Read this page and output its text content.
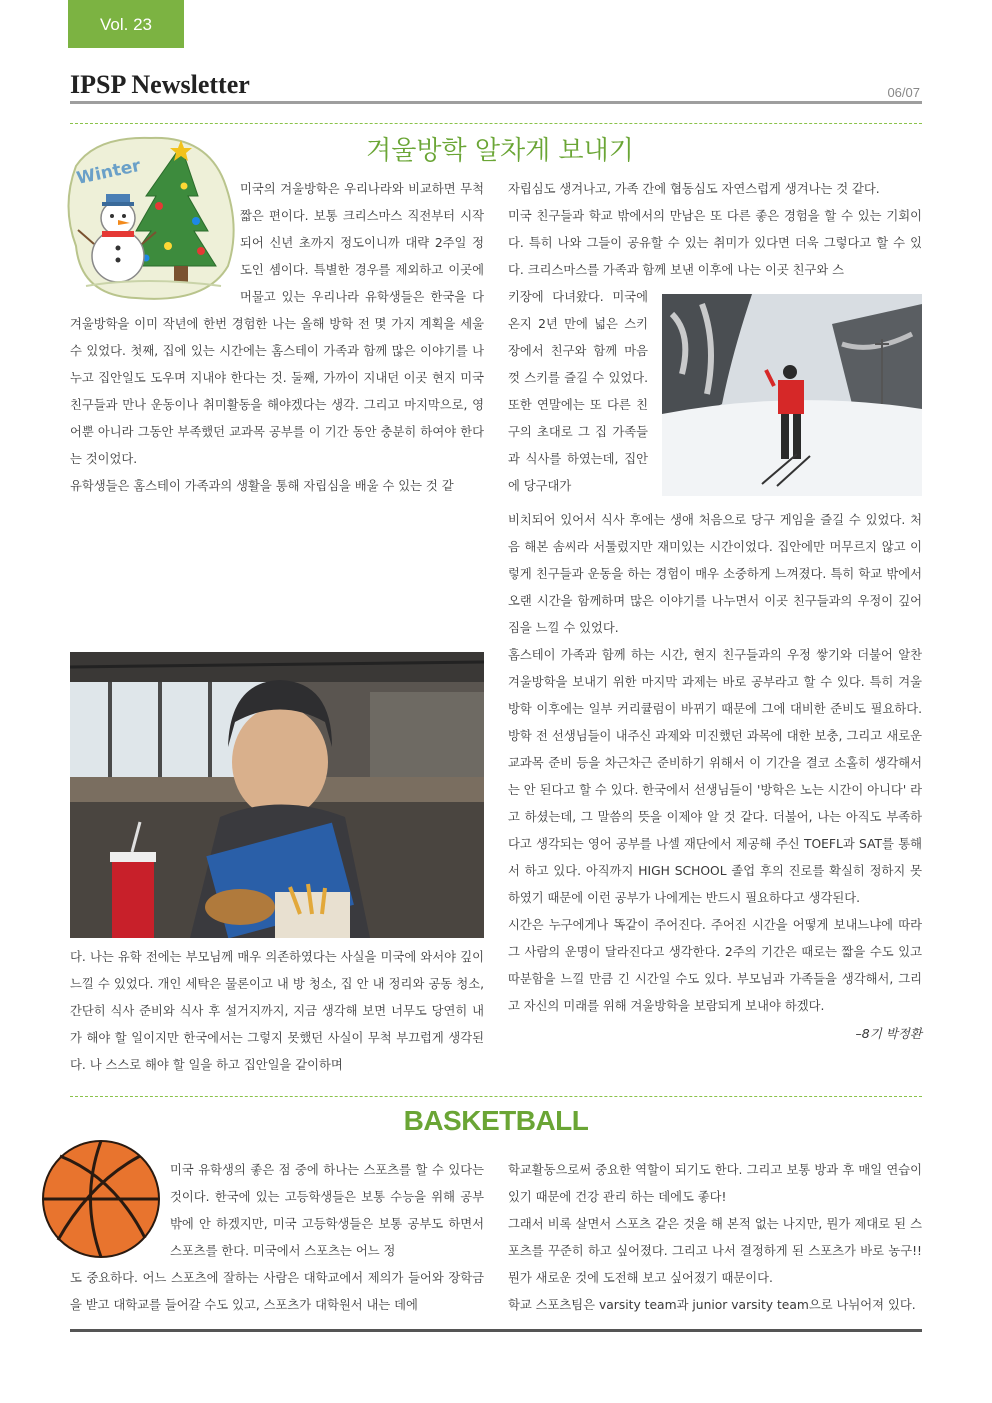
Vol. 23
IPSP Newsletter	06/07
겨울방학 알차게 보내기
Winter

미국의 겨울방학은 우리나라와 비교하면 무척 짧은 편이다. 보통 크리스마스 직전부터 시작되어 신년 초까지 정도이니까 대략 2주일 정도인 셈이다. 특별한 경우를 제외하고 이곳에 머물고 있는 우리나라 유학생들은 한국을 다

겨울방학을 이미 작년에 한번 경험한 나는 올해 방학 전 몇 가지 계획을 세울 수 있었다. 첫째, 집에 있는 시간에는 홈스테이 가족과 함께 많은 이야기를 나누고 집안일도 도우며 지내야 한다는 것. 둘째, 가까이 지내던 이곳 현지 미국 친구들과 만나 운동이나 취미활동을 해야겠다는 생각. 그리고 마지막으로, 영어뿐 아니라 그동안 부족했던 교과목 공부를 이 기간 동안 충분히 하여야 한다는 것이었다.

유학생들은 홈스테이 가족과의 생활을 통해 자립심을 배울 수 있는 것 같

다. 나는 유학 전에는 부모님께 매우 의존하였다는 사실을 미국에 와서야 깊이 느낄 수 있었다. 개인 세탁은 물론이고 내 방 청소, 집 안 내 정리와 공동 청소, 간단히 식사 준비와 식사 후 설거지까지, 지금 생각해 보면 너무도 당연히 내가 해야 할 일이지만 한국에서는 그렇지 못했던 사실이 무척 부끄럽게 생각된다. 나 스스로 해야 할 일을 하고 집안일을 같이하며

자립심도 생겨나고, 가족 간에 협동심도 자연스럽게 생겨나는 것 같다.

미국 친구들과 학교 밖에서의 만남은 또 다른 좋은 경험을 할 수 있는 기회이다. 특히 나와 그들이 공유할 수 있는 취미가 있다면 더욱 그렇다고 할 수 있다. 크리스마스를 가족과 함께 보낸 이후에 나는 이곳 친구와 스

키장에 다녀왔다. 미국에 온지 2년 만에 넓은 스키장에서 친구와 함께 마음껏 스키를 즐길 수 있었다. 또한 연말에는 또 다른 친구의 초대로 그 집 가족들과 식사를 하였는데, 집안에 당구대가

비치되어 있어서 식사 후에는 생애 처음으로 당구 게임을 즐길 수 있었다. 처음 해본 솜씨라 서툴렀지만 재미있는 시간이었다. 집안에만 머무르지 않고 이렇게 친구들과 운동을 하는 경험이 매우 소중하게 느껴졌다. 특히 학교 밖에서 오랜 시간을 함께하며 많은 이야기를 나누면서 이곳 친구들과의 우정이 깊어짐을 느낄 수 있었다.

홈스테이 가족과 함께 하는 시간, 현지 친구들과의 우정 쌓기와 더불어 알찬 겨울방학을 보내기 위한 마지막 과제는 바로 공부라고 할 수 있다. 특히 겨울방학 이후에는 일부 커리큘럼이 바뀌기 때문에 그에 대비한 준비도 필요하다. 방학 전 선생님들이 내주신 과제와 미진했던 과목에 대한 보충, 그리고 새로운 교과목 준비 등을 차근차근 준비하기 위해서 이 기간을 결코 소홀히 생각해서는 안 된다고 할 수 있다. 한국에서 선생님들이 '방학은 노는 시간이 아니다' 라고 하셨는데, 그 말씀의 뜻을 이제야 알 것 같다. 더불어, 나는 아직도 부족하다고 생각되는 영어 공부를 나셀 재단에서 제공해 주신 TOEFL과 SAT를 통해서 하고 있다. 아직까지 HIGH SCHOOL 졸업 후의 진로를 확실히 정하지 못하였기 때문에 이런 공부가 나에게는 반드시 필요하다고 생각된다.

시간은 누구에게나 똑같이 주어진다. 주어진 시간을 어떻게 보내느냐에 따라 그 사람의 운명이 달라진다고 생각한다. 2주의 기간은 때로는 짧을 수도 있고 따분함을 느낄 만큼 긴 시간일 수도 있다. 부모님과 가족들을 생각해서, 그리고 자신의 미래를 위해 겨울방학을 보람되게 보내야 하겠다.

–8기 박정환

BASKETBALL

미국 유학생의 좋은 점 중에 하나는 스포츠를 할 수 있다는 것이다. 한국에 있는 고등학생들은 보통 수능을 위해 공부밖에 안 하겠지만, 미국 고등학생들은 보통 공부도 하면서 스포츠를 한다. 미국에서 스포츠는 어느 정

도 중요하다. 어느 스포츠에 잘하는 사람은 대학교에서 제의가 들어와 장학금을 받고 대학교를 들어갈 수도 있고, 스포츠가 대학원서 내는 데에

학교활동으로써 중요한 역할이 되기도 한다. 그리고 보통 방과 후 매일 연습이 있기 때문에 건강 관리 하는 데에도 좋다!

그래서 비록 살면서 스포츠 같은 것을 해 본적 없는 나지만, 뭔가 제대로 된 스포츠를 꾸준히 하고 싶어졌다. 그리고 나서 결정하게 된 스포츠가 바로 농구!! 뭔가 새로운 것에 도전해 보고 싶어졌기 때문이다.

학교 스포츠팀은 varsity team과 junior varsity team으로 나뉘어져 있다.
